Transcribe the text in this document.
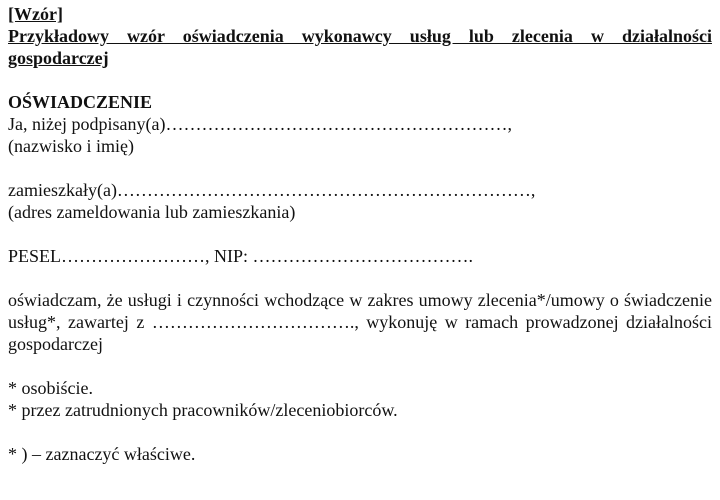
[Wzór]
Przykładowy wzór oświadczenia wykonawcy usług lub zlecenia w działalności gospodarczej
OŚWIADCZENIE

Ja, niżej podpisany(a)…………………………………………………,

(nazwisko i imię)

zamieszkały(a)……………………………………………………………,

(adres zameldowania lub zamieszkania)

PESEL……………………, NIP: ……………………………….

oświadczam, że usługi i czynności wchodzące w zakres umowy zlecenia*/umowy o świadczenie usług*, zawartej z ……………………………., wykonuję w ramach prowadzonej działalności gospodarczej

* osobiście.

* przez zatrudnionych pracowników/zleceniobiorców.

* ) – zaznaczyć właściwe.
